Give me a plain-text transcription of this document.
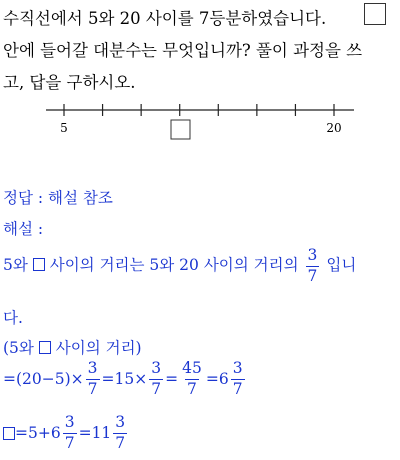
수직선에서 5와 20 사이를 7등분하였습니다.
안에 들어갈 대분수는 무엇입니까? 풀이 과정을 쓰
고, 답을 구하시오.
5	20
정답 : 해설 참조
해설 :
5와 사이의 거리는 5와 20 사이의 거리의 $\frac{3}{7}$ 입니
다.
(5와 사이의 거리)
$=(20-5)\times \frac{3}{7} =15\times \frac{3}{7} = \frac{45}{7} =6 \frac{3}{7}$
$=5+6 \frac{3}{7} =11 \frac{3}{7}$
